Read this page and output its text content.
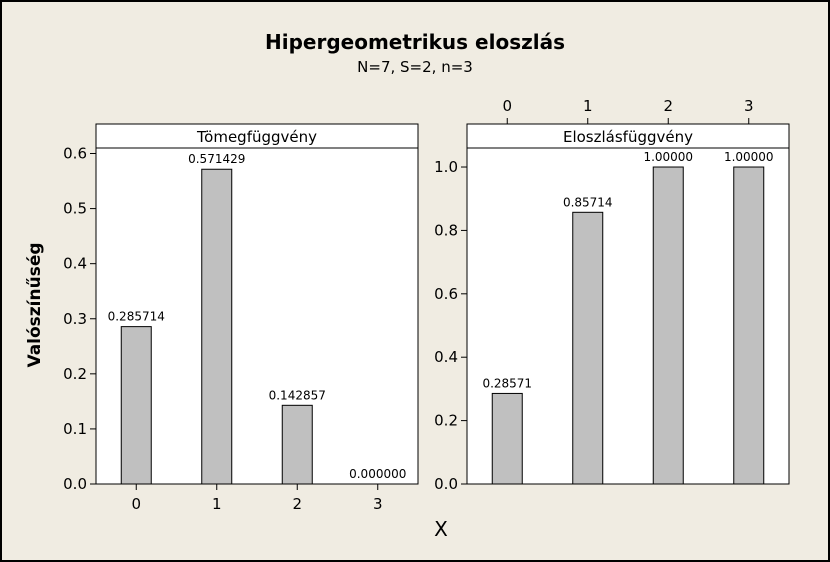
Hipergeometrikus eloszlás
N=7, S=2, n=3
Valószínűség
X
Tömegfüggvény
0.0
0.1
0.2
0.3
0.4
0.5
0.6
0.285714
0
0.571429
1
0.142857
2
0.000000
3
Eloszlásfüggvény
0.0
0.2
0.4
0.6
0.8
1.0
0.28571
0
0.85714
1
1.00000
2
1.00000
3
